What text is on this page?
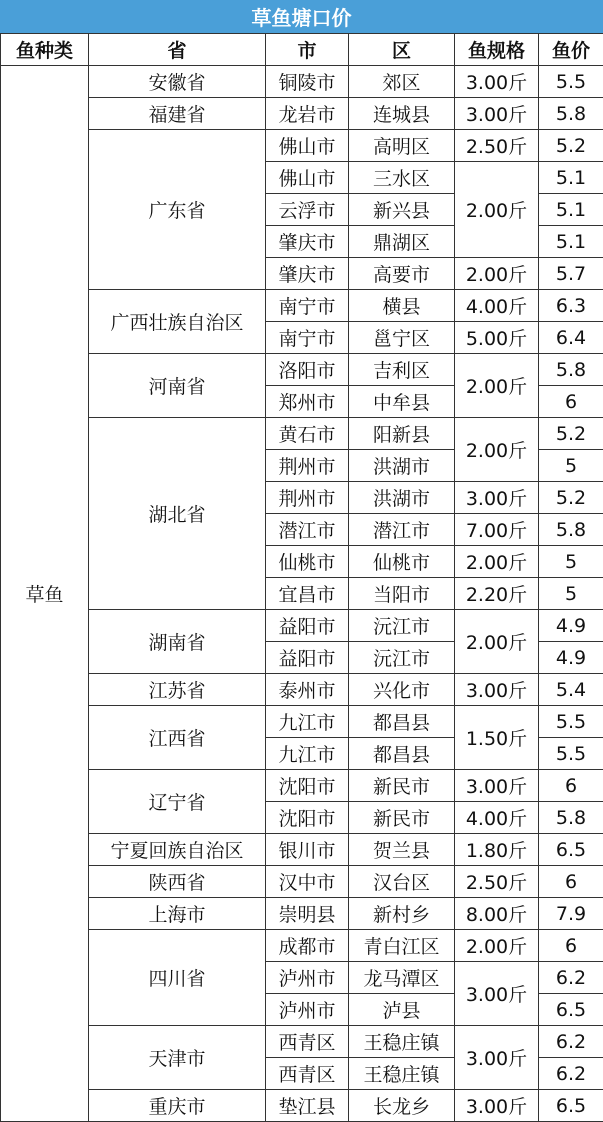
草鱼塘口价
鱼种类	省	市	区	鱼规格	鱼价
草鱼	安徽省	铜陵市	郊区	3.00斤	5.5
	福建省	龙岩市	连城县	3.00斤	5.8
	广东省	佛山市	高明区	2.50斤	5.2
		佛山市	三水区	2.00斤	5.1
		云浮市	新兴县		5.1
		肇庆市	鼎湖区		5.1
		肇庆市	高要市	2.00斤	5.7
	广西壮族自治区	南宁市	横县	4.00斤	6.3
		南宁市	邕宁区	5.00斤	6.4
	河南省	洛阳市	吉利区	2.00斤	5.8
		郑州市	中牟县		6
	湖北省	黄石市	阳新县	2.00斤	5.2
		荆州市	洪湖市		5
		荆州市	洪湖市	3.00斤	5.2
		潜江市	潜江市	7.00斤	5.8
		仙桃市	仙桃市	2.00斤	5
		宜昌市	当阳市	2.20斤	5
	湖南省	益阳市	沅江市	2.00斤	4.9
		益阳市	沅江市		4.9
	江苏省	泰州市	兴化市	3.00斤	5.4
	江西省	九江市	都昌县	1.50斤	5.5
		九江市	都昌县		5.5
	辽宁省	沈阳市	新民市	3.00斤	6
		沈阳市	新民市	4.00斤	5.8
	宁夏回族自治区	银川市	贺兰县	1.80斤	6.5
	陕西省	汉中市	汉台区	2.50斤	6
	上海市	崇明县	新村乡	8.00斤	7.9
	四川省	成都市	青白江区	2.00斤	6
		泸州市	龙马潭区	3.00斤	6.2
		泸州市	泸县		6.5
	天津市	西青区	王稳庄镇	3.00斤	6.2
		西青区	王稳庄镇		6.2
	重庆市	垫江县	长龙乡	3.00斤	6.5
